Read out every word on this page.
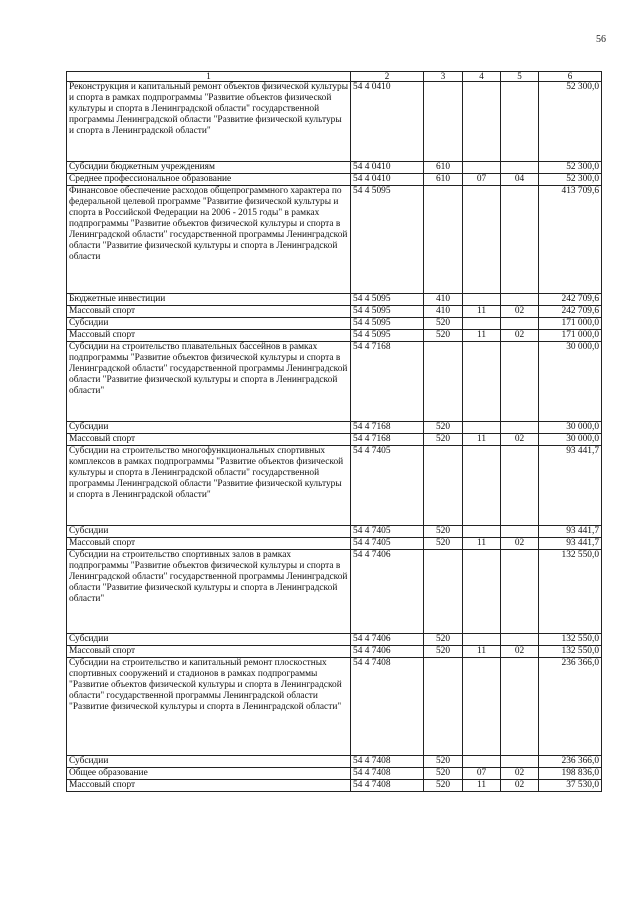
56
1	2	3	4	5	6
Реконструкция и капитальный ремонт объектов физической культуры и спорта в рамках подпрограммы "Развитие объектов физической культуры и спорта в Ленинградской области" государственной программы Ленинградской области "Развитие физической культуры и спорта в Ленинградской области"	54 4 0410				52 300,0
Субсидии бюджетным учреждениям	54 4 0410	610			52 300,0
Среднее профессиональное образование	54 4 0410	610	07	04	52 300,0
Финансовое обеспечение расходов общепрограммного характера по федеральной целевой программе "Развитие физической культуры и спорта в Российской Федерации на 2006 - 2015 годы" в рамках подпрограммы "Развитие объектов физической культуры и спорта в Ленинградской области" государственной программы Ленинградской области "Развитие физической культуры и спорта в Ленинградской области	54 4 5095				413 709,6
Бюджетные инвестиции	54 4 5095	410			242 709,6
Массовый спорт	54 4 5095	410	11	02	242 709,6
Субсидии	54 4 5095	520			171 000,0
Массовый спорт	54 4 5095	520	11	02	171 000,0
Субсидии на строительство плавательных бассейнов в рамках подпрограммы "Развитие объектов физической культуры и спорта в Ленинградской области" государственной программы Ленинградской области "Развитие физической культуры и спорта в Ленинградской области"	54 4 7168				30 000,0
Субсидии	54 4 7168	520			30 000,0
Массовый спорт	54 4 7168	520	11	02	30 000,0
Субсидии на строительство многофункциональных спортивных комплексов в рамках подпрограммы "Развитие объектов физической культуры и спорта в Ленинградской области" государственной программы Ленинградской области "Развитие физической культуры и спорта в Ленинградской области"	54 4 7405				93 441,7
Субсидии	54 4 7405	520			93 441,7
Массовый спорт	54 4 7405	520	11	02	93 441,7
Субсидии на строительство спортивных залов в рамках подпрограммы "Развитие объектов физической культуры и спорта в Ленинградской области" государственной программы Ленинградской области "Развитие физической культуры и спорта в Ленинградской области"	54 4 7406				132 550,0
Субсидии	54 4 7406	520			132 550,0
Массовый спорт	54 4 7406	520	11	02	132 550,0
Субсидии на строительство и капитальный ремонт плоскостных спортивных сооружений и стадионов в рамках подпрограммы "Развитие объектов физической культуры и спорта в Ленинградской области" государственной программы Ленинградской области "Развитие физической культуры и спорта в Ленинградской области"	54 4 7408				236 366,0
Субсидии	54 4 7408	520			236 366,0
Общее образование	54 4 7408	520	07	02	198 836,0
Массовый спорт	54 4 7408	520	11	02	37 530,0
